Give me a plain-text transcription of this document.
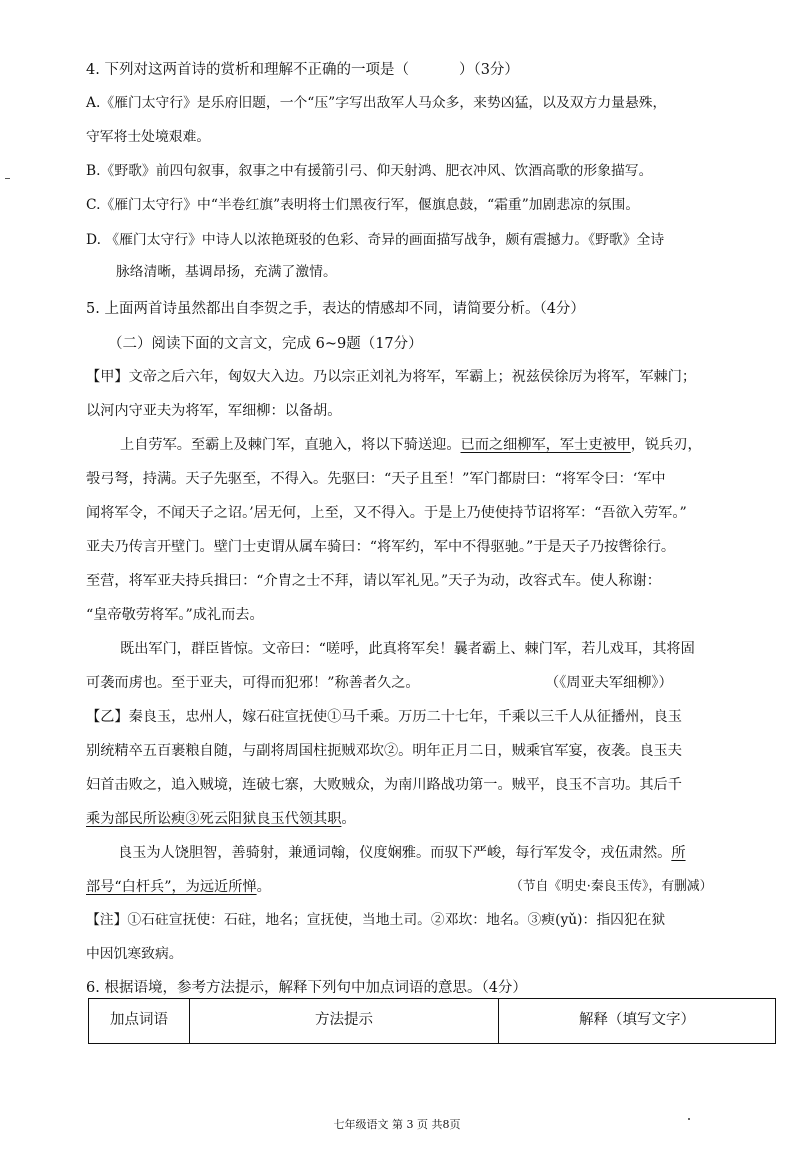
4. 下列对这两首诗的赏析和理解不正确的一项是（	）（3分）
A.《雁门太守行》是乐府旧题，一个“压”字写出敌军人马众多，来势凶猛，以及双方力量悬殊，
守军将士处境艰难。
B.《野歌》前四句叙事，叙事之中有援箭引弓、仰天射鸿、肥衣冲风、饮酒高歌的形象描写。
C.《雁门太守行》中“半卷红旗”表明将士们黑夜行军，偃旗息鼓，“霜重”加剧悲凉的氛围。
D. 《雁门太守行》中诗人以浓艳斑驳的色彩、奇异的画面描写战争，颇有震撼力。《野歌》全诗
脉络清晰，基调昂扬，充满了激情。
5. 上面两首诗虽然都出自李贺之手，表达的情感却不同，请简要分析。（4分）
（二）阅读下面的文言文，完成 6~9题（17分）
【甲】文帝之后六年，匈奴大入边。乃以宗正刘礼为将军，军霸上；祝兹侯徐厉为将军，军棘门；
以河内守亚夫为将军，军细柳：以备胡。
上自劳军。至霸上及棘门军，直驰入，将以下骑送迎。已而之细柳军，军士吏被甲，锐兵刃，
彀弓弩，持满。天子先驱至，不得入。先驱曰：“天子且至！”军门都尉曰：“将军令曰：‘军中
闻将军令，不闻天子之诏。’居无何，上至，又不得入。于是上乃使使持节诏将军：“吾欲入劳军。”
亚夫乃传言开壁门。壁门士吏谓从属车骑曰：“将军约，军中不得驱驰。”于是天子乃按辔徐行。
至营，将军亚夫持兵揖曰：“介胄之士不拜，请以军礼见。”天子为动，改容式车。使人称谢：
“皇帝敬劳将军。”成礼而去。
既出军门，群臣皆惊。文帝曰：“嗟呼，此真将军矣！曩者霸上、棘门军，若儿戏耳，其将固
可袭而虏也。至于亚夫，可得而犯邪！”称善者久之。	（《周亚夫军细柳》）
【乙】秦良玉，忠州人，嫁石砫宣抚使①马千乘。万历二十七年，千乘以三千人从征播州，良玉
别统精卒五百裹粮自随，与副将周国柱扼贼邓坎②。明年正月二日，贼乘官军宴，夜袭。良玉夫
妇首击败之，追入贼境，连破七寨，大败贼众，为南川路战功第一。贼平，良玉不言功。其后千
乘为部民所讼瘐③死云阳狱良玉代领其职。
良玉为人饶胆智，善骑射，兼通词翰，仪度娴雅。而驭下严峻，每行军发令，戎伍肃然。所
部号“白杆兵”，为远近所惮。	（节自《明史·秦良玉传》，有删减）
【注】①石砫宣抚使：石砫，地名；宣抚使，当地土司。②邓坎：地名。③瘐(yǔ)：指囚犯在狱
中因饥寒致病。
6. 根据语境，参考方法提示，解释下列句中加点词语的意思。（4分）
加点词语	方法提示	解释（填写文字）
七年级语文 第 3 页 共8页
